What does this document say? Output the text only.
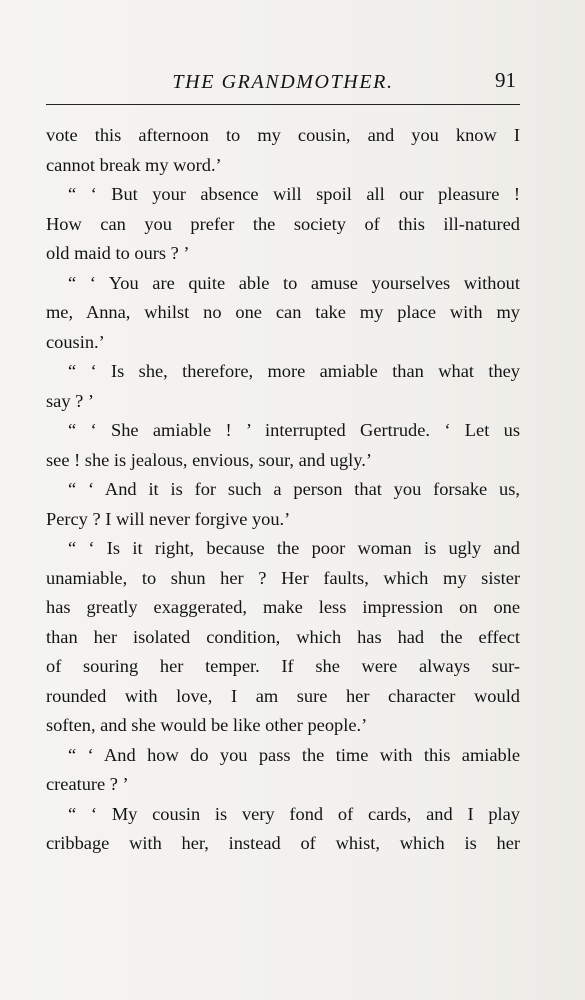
THE GRANDMOTHER.	91
vote this afternoon to my cousin, and you know I
cannot break my word.’
“ ‘ But your absence will spoil all our pleasure !
How can you prefer the society of this ill-natured
old maid to ours ? ’
“ ‘ You are quite able to amuse yourselves without
me, Anna, whilst no one can take my place with my
cousin.’
“ ‘ Is she, therefore, more amiable than what they
say ? ’
“ ‘ She amiable ! ’ interrupted Gertrude. ‘ Let us
see ! she is jealous, envious, sour, and ugly.’
“ ‘ And it is for such a person that you forsake us,
Percy ? I will never forgive you.’
“ ‘ Is it right, because the poor woman is ugly and
unamiable, to shun her ? Her faults, which my sister
has greatly exaggerated, make less impression on one
than her isolated condition, which has had the effect
of souring her temper. If she were always sur-
rounded with love, I am sure her character would
soften, and she would be like other people.’
“ ‘ And how do you pass the time with this amiable
creature ? ’
“ ‘ My cousin is very fond of cards, and I play
cribbage with her, instead of whist, which is her
